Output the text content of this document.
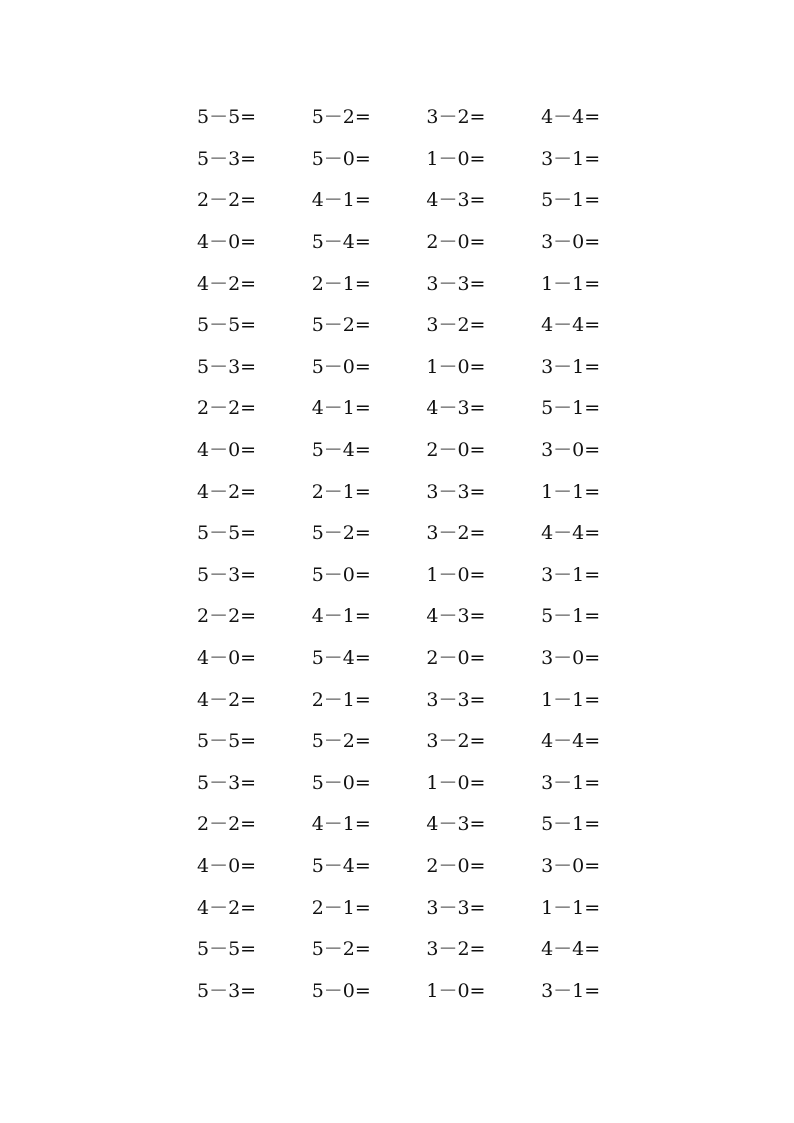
5－5=	5－2=	3－2=	4－4=
5－3=	5－0=	1－0=	3－1=
2－2=	4－1=	4－3=	5－1=
4－0=	5－4=	2－0=	3－0=
4－2=	2－1=	3－3=	1－1=
5－5=	5－2=	3－2=	4－4=
5－3=	5－0=	1－0=	3－1=
2－2=	4－1=	4－3=	5－1=
4－0=	5－4=	2－0=	3－0=
4－2=	2－1=	3－3=	1－1=
5－5=	5－2=	3－2=	4－4=
5－3=	5－0=	1－0=	3－1=
2－2=	4－1=	4－3=	5－1=
4－0=	5－4=	2－0=	3－0=
4－2=	2－1=	3－3=	1－1=
5－5=	5－2=	3－2=	4－4=
5－3=	5－0=	1－0=	3－1=
2－2=	4－1=	4－3=	5－1=
4－0=	5－4=	2－0=	3－0=
4－2=	2－1=	3－3=	1－1=
5－5=	5－2=	3－2=	4－4=
5－3=	5－0=	1－0=	3－1=
